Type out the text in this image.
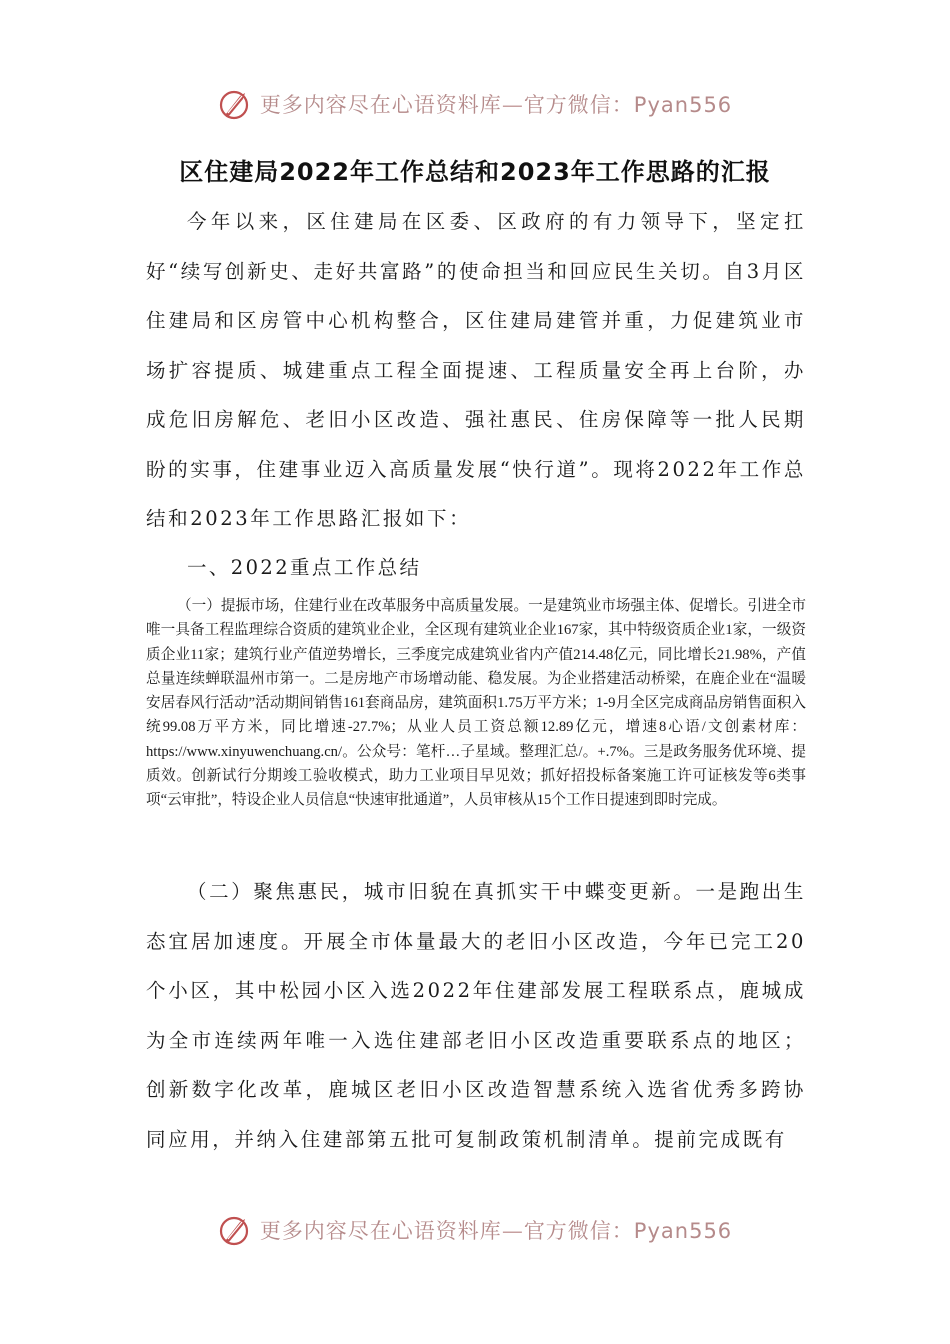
更多内容尽在心语资料库—官方微信：Pyan556
区住建局2022年工作总结和2023年工作思路的汇报

今年以来，区住建局在区委、区政府的有力领导下，坚定扛好“续写创新史、走好共富路”的使命担当和回应民生关切。自3月区住建局和区房管中心机构整合，区住建局建管并重，力促建筑业市场扩容提质、城建重点工程全面提速、工程质量安全再上台阶，办成危旧房解危、老旧小区改造、强社惠民、住房保障等一批人民期盼的实事，住建事业迈入高质量发展“快行道”。现将2022年工作总结和2023年工作思路汇报如下：

一、2022重点工作总结

（一）提振市场，住建行业在改革服务中高质量发展。一是建筑业市场强主体、促增长。引进全市唯一具备工程监理综合资质的建筑业企业，全区现有建筑业企业167家，其中特级资质企业1家，一级资质企业11家；建筑行业产值逆势增长，三季度完成建筑业省内产值214.48亿元，同比增长21.98%，产值总量连续蝉联温州市第一。二是房地产市场增动能、稳发展。为企业搭建活动桥梁，在鹿企业在“温暖安居春风行活动”活动期间销售161套商品房，建筑面积1.75万平方米；1-9月全区完成商品房销售面积入统99.08万平方米，同比增速-27.7%；从业人员工资总额12.89亿元，增速8心语/文创素材库：https://www.xinyuwenchuang.cn/。公众号：笔杆…子星域。整理汇总/。+.7%。三是政务服务优环境、提质效。创新试行分期竣工验收模式，助力工业项目早见效；抓好招投标备案施工许可证核发等6类事项“云审批”，特设企业人员信息“快速审批通道”，人员审核从15个工作日提速到即时完成。

（二）聚焦惠民，城市旧貌在真抓实干中蝶变更新。一是跑出生态宜居加速度。开展全市体量最大的老旧小区改造，今年已完工20个小区，其中松园小区入选2022年住建部发展工程联系点，鹿城成为全市连续两年唯一入选住建部老旧小区改造重要联系点的地区；创新数字化改革，鹿城区老旧小区改造智慧系统入选省优秀多跨协同应用，并纳入住建部第五批可复制政策机制清单。提前完成既有

更多内容尽在心语资料库—官方微信：Pyan556
